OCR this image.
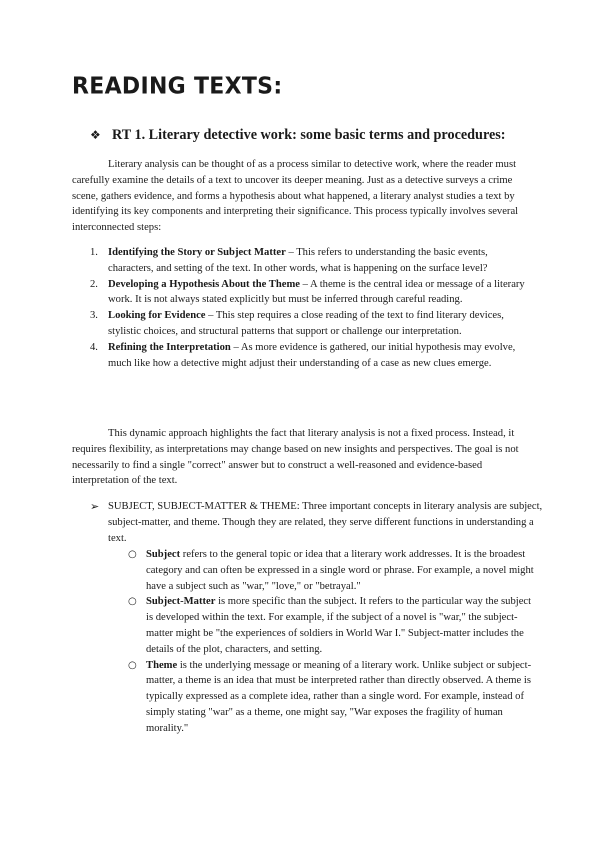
READING TEXTS:
❖ RT 1. Literary detective work: some basic terms and procedures:

Literary analysis can be thought of as a process similar to detective work, where the reader must carefully examine the details of a text to uncover its deeper meaning. Just as a detective surveys a crime scene, gathers evidence, and forms a hypothesis about what happened, a literary analyst studies a text by identifying its key components and interpreting their significance. This process typically involves several interconnected steps:

1. Identifying the Story or Subject Matter – This refers to understanding the basic events, characters, and setting of the text. In other words, what is happening on the surface level?
2. Developing a Hypothesis About the Theme – A theme is the central idea or message of a literary work. It is not always stated explicitly but must be inferred through careful reading.
3. Looking for Evidence – This step requires a close reading of the text to find literary devices, stylistic choices, and structural patterns that support or challenge our interpretation.
4. Refining the Interpretation – As more evidence is gathered, our initial hypothesis may evolve, much like how a detective might adjust their understanding of a case as new clues emerge.

This dynamic approach highlights the fact that literary analysis is not a fixed process. Instead, it requires flexibility, as interpretations may change based on new insights and perspectives. The goal is not necessarily to find a single "correct" answer but to construct a well-reasoned and evidence-based interpretation of the text.

➢ SUBJECT, SUBJECT-MATTER & THEME: Three important concepts in literary analysis are subject, subject-matter, and theme. Though they are related, they serve different functions in understanding a text.

○ Subject refers to the general topic or idea that a literary work addresses. It is the broadest category and can often be expressed in a single word or phrase. For example, a novel might have a subject such as "war," "love," or "betrayal."
○ Subject-Matter is more specific than the subject. It refers to the particular way the subject is developed within the text. For example, if the subject of a novel is "war," the subject-matter might be "the experiences of soldiers in World War I." Subject-matter includes the details of the plot, characters, and setting.
○ Theme is the underlying message or meaning of a literary work. Unlike subject or subject-matter, a theme is an idea that must be interpreted rather than directly observed. A theme is typically expressed as a complete idea, rather than a single word. For example, instead of simply stating "war" as a theme, one might say, "War exposes the fragility of human morality."
